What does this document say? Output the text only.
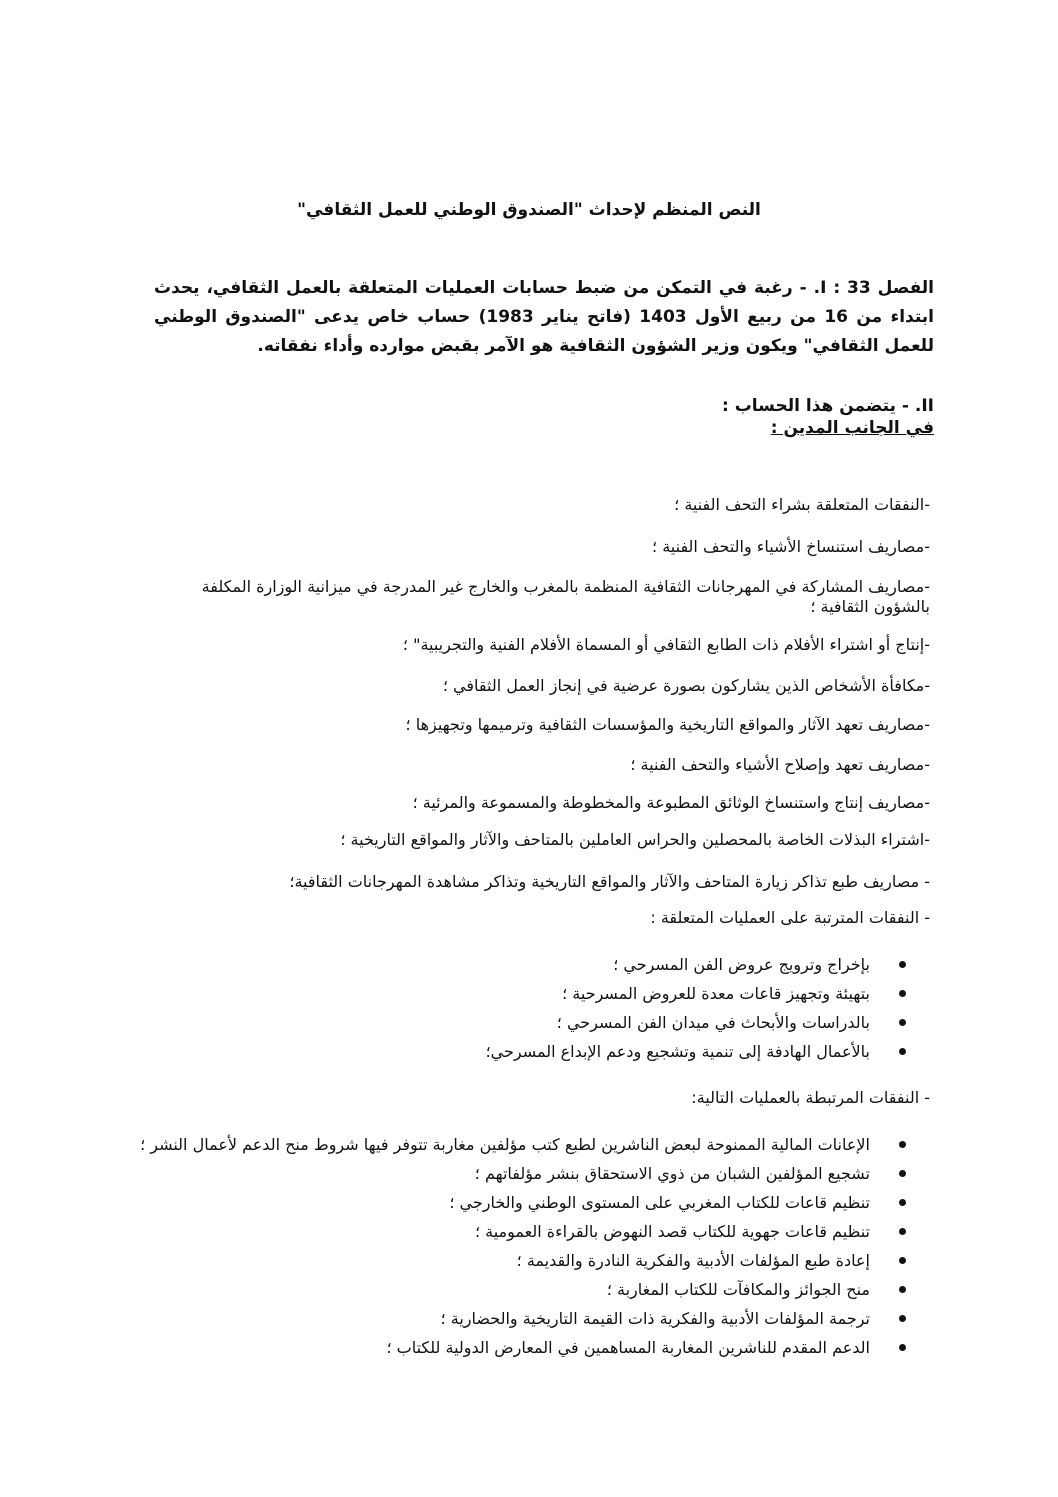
النص المنظم لإحداث "الصندوق الوطني للعمل الثقافي"
الفصل 33 : I. - رغبة في التمكن من ضبط حسابات العمليات المتعلقة بالعمل الثقافي، يحدث ابتداء من 16 من ربيع الأول 1403 (فاتح يناير 1983) حساب خاص يدعى "الصندوق الوطني للعمل الثقافي" ويكون وزير الشؤون الثقافية هو الآمر بقبض موارده وأداء نفقاته.
II. - يتضمن هذا الحساب :
في الجانب المدين :
-النفقات المتعلقة بشراء التحف الفنية ؛
-مصاريف استنساخ الأشياء والتحف الفنية ؛
-مصاريف المشاركة في المهرجانات الثقافية المنظمة بالمغرب والخارج غير المدرجة في ميزانية الوزارة المكلفة بالشؤون الثقافية ؛
-إنتاج أو اشتراء الأفلام ذات الطابع الثقافي أو المسماة الأفلام الفنية والتجريبية" ؛
-مكافأة الأشخاص الذين يشاركون بصورة عرضية في إنجاز العمل الثقافي ؛
-مصاريف تعهد الآثار والمواقع التاريخية والمؤسسات الثقافية وترميمها وتجهيزها ؛
-مصاريف تعهد وإصلاح الأشياء والتحف الفنية ؛
-مصاريف إنتاج واستنساخ الوثائق المطبوعة والمخطوطة والمسموعة والمرئية ؛
-اشتراء البذلات الخاصة بالمحصلين والحراس العاملين بالمتاحف والآثار والمواقع التاريخية ؛
- مصاريف طبع تذاكر زيارة المتاحف والآثار والمواقع التاريخية وتذاكر مشاهدة المهرجانات الثقافية؛
- النفقات المترتبة على العمليات المتعلقة :
بإخراج وترويج عروض الفن المسرحي ؛
بتهيئة وتجهيز قاعات معدة للعروض المسرحية ؛
بالدراسات والأبحاث في ميدان الفن المسرحي ؛
بالأعمال الهادفة إلى تنمية وتشجيع ودعم الإبداع المسرحي؛
- النفقات المرتبطة بالعمليات التالية:
الإعانات المالية الممنوحة لبعض الناشرين لطبع كتب مؤلفين مغاربة تتوفر فيها شروط منح الدعم لأعمال النشر ؛
تشجيع المؤلفين الشبان من ذوي الاستحقاق بنشر مؤلفاتهم ؛
تنظيم قاعات للكتاب المغربي على المستوى الوطني والخارجي ؛
تنظيم قاعات جهوية للكتاب قصد النهوض بالقراءة العمومية ؛
إعادة طبع المؤلفات الأدبية والفكرية النادرة والقديمة ؛
منح الجوائز والمكافآت للكتاب المغاربة ؛
ترجمة المؤلفات الأدبية والفكرية ذات القيمة التاريخية والحضارية ؛
الدعم المقدم للناشرين المغاربة المساهمين في المعارض الدولية للكتاب ؛
